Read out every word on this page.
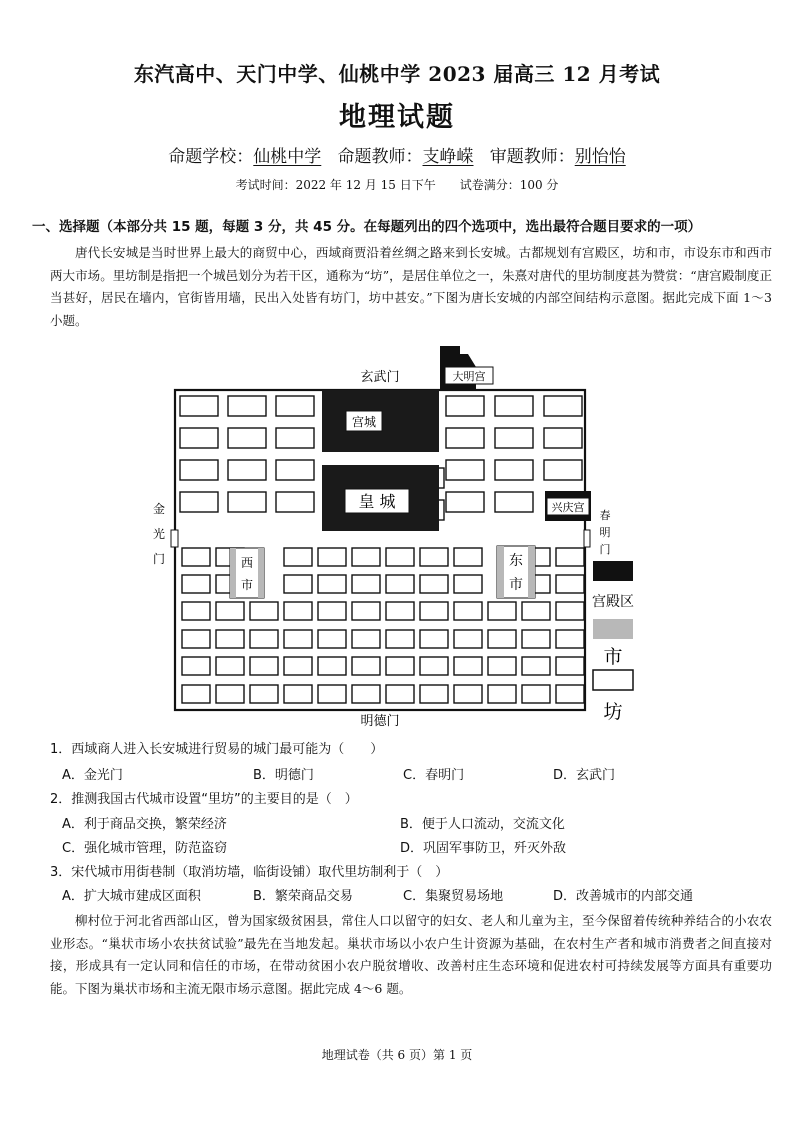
东汽高中、天门中学、仙桃中学 2023 届高三 12 月考试
地理试题
命题学校：仙桃中学 命题教师：支峥嵘 审题教师：别怡怡
考试时间：2022 年 12 月 15 日下午　　试卷满分：100 分
一、选择题（本部分共 15 题，每题 3 分，共 45 分。在每题列出的四个选项中，选出最符合题目要求的一项）
唐代长安城是当时世界上最大的商贸中心，西域商贾沿着丝绸之路来到长安城。古都规划有宫殿区，坊和市，市设东市和西市两大市场。里坊制是指把一个城邑划分为若干区，通称为“坊”，是居住单位之一，朱熹对唐代的里坊制度甚为赞赏：“唐宫殿制度正当甚好，居民在墙内，官街皆用墙，民出入处皆有坊门，坊中甚安。”下图为唐长安城的内部空间结构示意图。据此完成下面 1～3 小题。
宫城
皇 城
玄武门	大明宫
兴庆宫
西
市
东
市
金
光
门
春
明
门
明德门
宫殿区
市
坊
1．西域商人进入长安城进行贸易的城门最可能为（　　）
A．金光门	B．明德门	C．春明门	D．玄武门
2．推测我国古代城市设置“里坊”的主要目的是（　）
A．利于商品交换，繁荣经济	B．便于人口流动，交流文化
C．强化城市管理，防范盗窃	D．巩固军事防卫，歼灭外敌
3．宋代城市用街巷制（取消坊墙，临街设铺）取代里坊制利于（　）
A．扩大城市建成区面积	B．繁荣商品交易	C．集聚贸易场地	D．改善城市的内部交通
柳村位于河北省西部山区，曾为国家级贫困县，常住人口以留守的妇女、老人和儿童为主，至今保留着传统种养结合的小农农业形态。“巢状市场小农扶贫试验”最先在当地发起。巢状市场以小农户生计资源为基础，在农村生产者和城市消费者之间直接对接，形成具有一定认同和信任的市场，在带动贫困小农户脱贫增收、改善村庄生态环境和促进农村可持续发展等方面具有重要功能。下图为巢状市场和主流无限市场示意图。据此完成 4～6 题。
地理试卷（共 6 页）第 1 页
